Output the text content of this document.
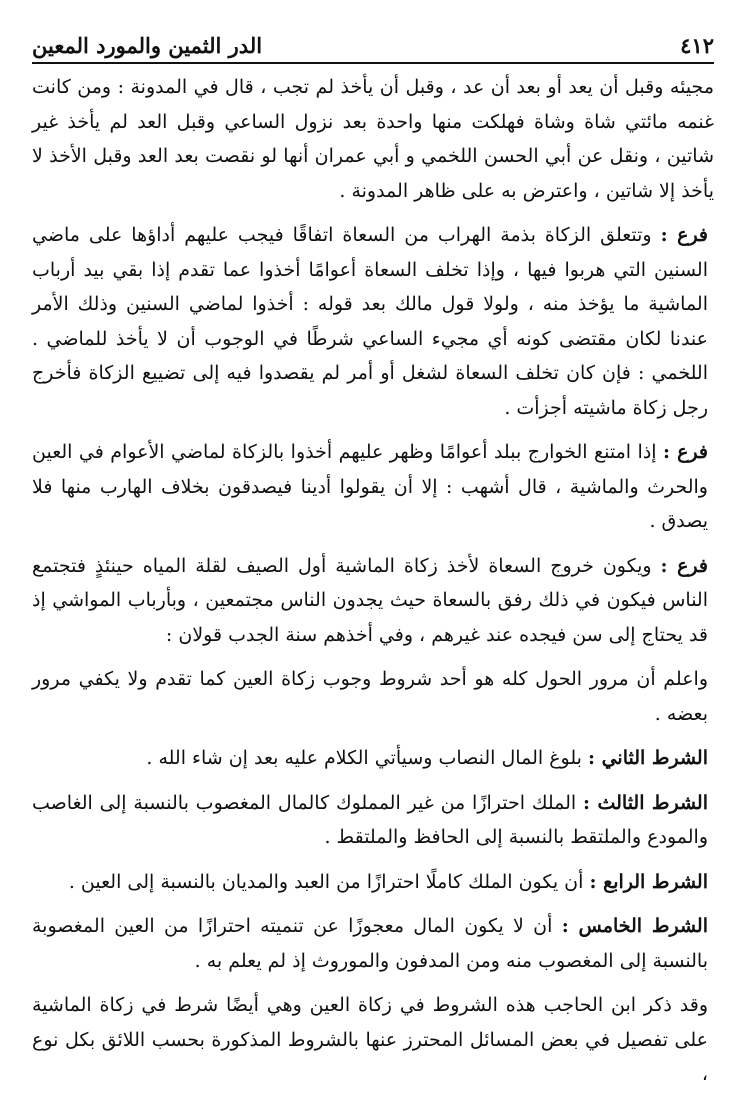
٤١٢
الدر الثمين والمورد المعين

مجيئه وقبل أن يعد أو بعد أن عد ، وقبل أن يأخذ لم تجب ، قال في المدونة : ومن كانت غنمه مائتي شاة وشاة فهلكت منها واحدة بعد نزول الساعي وقبل العد لم يأخذ غير شاتين ، ونقل عن أبي الحسن اللخمي و أبي عمران أنها لو نقصت بعد العد وقبل الأخذ لا يأخذ إلا شاتين ، واعترض به على ظاهر المدونة .

فرع : وتتعلق الزكاة بذمة الهراب من السعاة اتفاقًا فيجب عليهم أداؤها على ماضي السنين التي هربوا فيها ، وإذا تخلف السعاة أعوامًا أخذوا عما تقدم إذا بقي بيد أرباب الماشية ما يؤخذ منه ، ولولا قول مالك بعد قوله : أخذوا لماضي السنين وذلك الأمر عندنا لكان مقتضى كونه أي مجيء الساعي شرطًا في الوجوب أن لا يأخذ للماضي . اللخمي : فإن كان تخلف السعاة لشغل أو أمر لم يقصدوا فيه إلى تضييع الزكاة فأخرج رجل زكاة ماشيته أجزأت .

فرع : إذا امتنع الخوارج ببلد أعوامًا وظهر عليهم أخذوا بالزكاة لماضي الأعوام في العين والحرث والماشية ، قال أشهب : إلا أن يقولوا أدينا فيصدقون بخلاف الهارب منها فلا يصدق .

فرع : ويكون خروج السعاة لأخذ زكاة الماشية أول الصيف لقلة المياه حينئذٍ فتجتمع الناس فيكون في ذلك رفق بالسعاة حيث يجدون الناس مجتمعين ، وبأرباب المواشي إذ قد يحتاج إلى سن فيجده عند غيرهم ، وفي أخذهم سنة الجدب قولان :

واعلم أن مرور الحول كله هو أحد شروط وجوب زكاة العين كما تقدم ولا يكفي مرور بعضه .

الشرط الثاني : بلوغ المال النصاب وسيأتي الكلام عليه بعد إن شاء الله .

الشرط الثالث : الملك احترازًا من غير المملوك كالمال المغصوب بالنسبة إلى الغاصب والمودع والملتقط بالنسبة إلى الحافظ والملتقط .

الشرط الرابع : أن يكون الملك كاملًا احترازًا من العبد والمديان بالنسبة إلى العين .

الشرط الخامس : أن لا يكون المال معجوزًا عن تنميته احترازًا من العين المغصوبة بالنسبة إلى المغصوب منه ومن المدفون والموروث إذ لم يعلم به .

وقد ذكر ابن الحاجب هذه الشروط في زكاة العين وهي أيضًا شرط في زكاة الماشية على تفصيل في بعض المسائل المحترز عنها بالشروط المذكورة بحسب اللائق بكل نوع ،
